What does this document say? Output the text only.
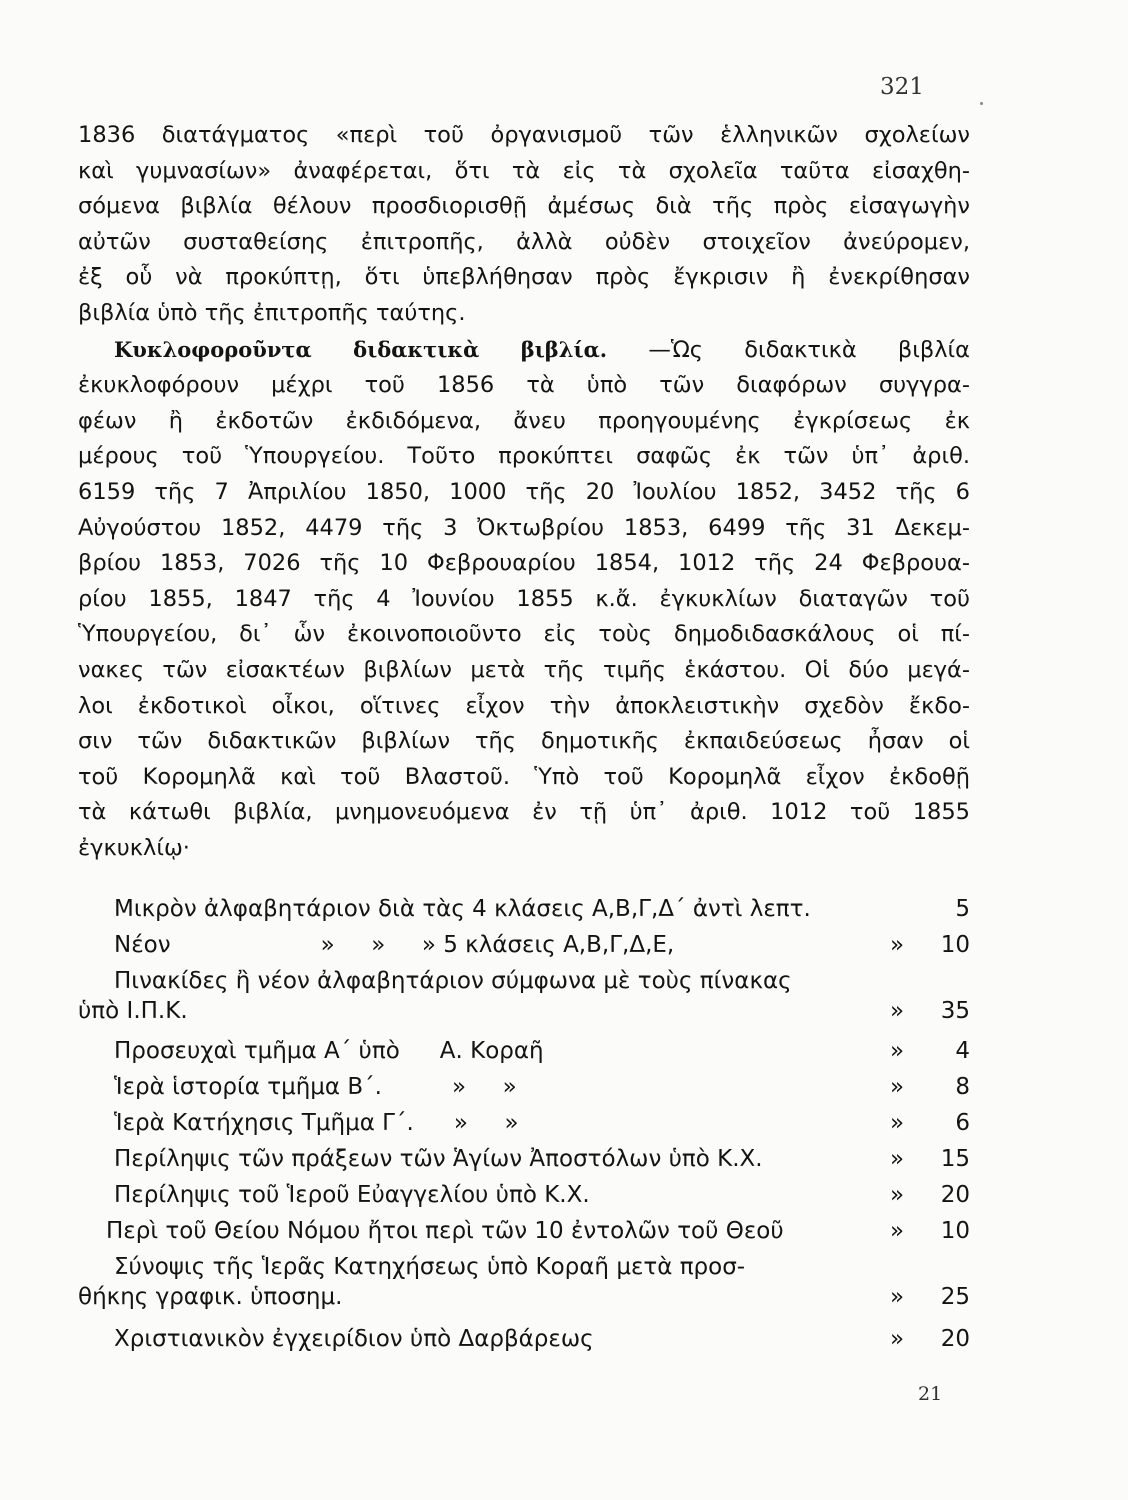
321
1836 διατάγματος «περὶ τοῦ ὀργανισμοῦ τῶν ἑλληνικῶν σχολείων
καὶ γυμνασίων» ἀναφέρεται, ὅτι τὰ εἰς τὰ σχολεῖα ταῦτα εἰσαχθη-
σόμενα βιβλία θέλουν προσδιορισθῇ ἀμέσως διὰ τῆς πρὸς εἰσαγωγὴν
αὐτῶν συσταθείσης ἐπιτροπῆς, ἀλλὰ οὐδὲν στοιχεῖον ἀνεύρομεν,
ἐξ οὗ νὰ προκύπτῃ, ὅτι ὑπεβλήθησαν πρὸς ἔγκρισιν ἢ ἐνεκρίθησαν
βιβλία ὑπὸ τῆς ἐπιτροπῆς ταύτης.
Κυκλοφοροῦντα διδακτικὰ βιβλία. —Ὡς διδακτικὰ βιβλία
ἐκυκλοφόρουν μέχρι τοῦ 1856 τὰ ὑπὸ τῶν διαφόρων συγγρα-
φέων ἢ ἐκδοτῶν ἐκδιδόμενα, ἄνευ προηγουμένης ἐγκρίσεως ἐκ
μέρους τοῦ Ὑπουργείου. Τοῦτο προκύπτει σαφῶς ἐκ τῶν ὑπ᾿ ἀριθ.
6159 τῆς 7 Ἀπριλίου 1850, 1000 τῆς 20 Ἰουλίου 1852, 3452 τῆς 6
Αὐγούστου 1852, 4479 τῆς 3 Ὀκτωβρίου 1853, 6499 τῆς 31 Δεκεμ-
βρίου 1853, 7026 τῆς 10 Φεβρουαρίου 1854, 1012 τῆς 24 Φεβρουα-
ρίου 1855, 1847 τῆς 4 Ἰουνίου 1855 κ.ἄ. ἐγκυκλίων διαταγῶν τοῦ
Ὑπουργείου, δι᾿ ὧν ἐκοινοποιοῦντο εἰς τοὺς δημοδιδασκάλους οἱ πί-
νακες τῶν εἰσακτέων βιβλίων μετὰ τῆς τιμῆς ἑκάστου. Οἱ δύο μεγά-
λοι ἐκδοτικοὶ οἶκοι, οἵτινες εἶχον τὴν ἀποκλειστικὴν σχεδὸν ἔκδο-
σιν τῶν διδακτικῶν βιβλίων τῆς δημοτικῆς ἐκπαιδεύσεως ἦσαν οἱ
τοῦ Κορομηλᾶ καὶ τοῦ Βλαστοῦ. Ὑπὸ τοῦ Κορομηλᾶ εἶχον ἐκδοθῇ
τὰ κάτωθι βιβλία, μνημονευόμενα ἐν τῇ ὑπ᾿ ἀριθ. 1012 τοῦ 1855
ἐγκυκλίῳ·
Μικρὸν ἀλφαβητάριον διὰ τὰς 4 κλάσεις Α,Β,Γ,Δ΄ ἀντὶ λεπτ.	5
Νέον	»     »     » 5 κλάσεις Α,Β,Γ,Δ,Ε,	»	10
Πινακίδες ἢ νέον ἀλφαβητάριον σύμφωνα μὲ τοὺς πίνακας
ὑπὸ Ι.Π.Κ.	»	35
Προσευχαὶ τμῆμα Α΄ ὑπὸ Α. Κοραῆ	»	4
Ἱερὰ ἱστορία τμῆμα Β΄.	»     »	»	8
Ἱερὰ Κατήχησις Τμῆμα Γ΄. »     »	»	6
Περίληψις τῶν πράξεων τῶν Ἁγίων Ἀποστόλων ὑπὸ Κ.Χ.	»	15
Περίληψις τοῦ Ἱεροῦ Εὐαγγελίου ὑπὸ Κ.Χ.	»	20
Περὶ τοῦ Θείου Νόμου ἤτοι περὶ τῶν 10 ἐντολῶν τοῦ Θεοῦ	»	10
Σύνοψις τῆς Ἱερᾶς Κατηχήσεως ὑπὸ Κοραῆ μετὰ προσ-
θήκης γραφικ. ὑποσημ.	»	25
Χριστιανικὸν ἐγχειρίδιον ὑπὸ Δαρβάρεως	»	20
21
